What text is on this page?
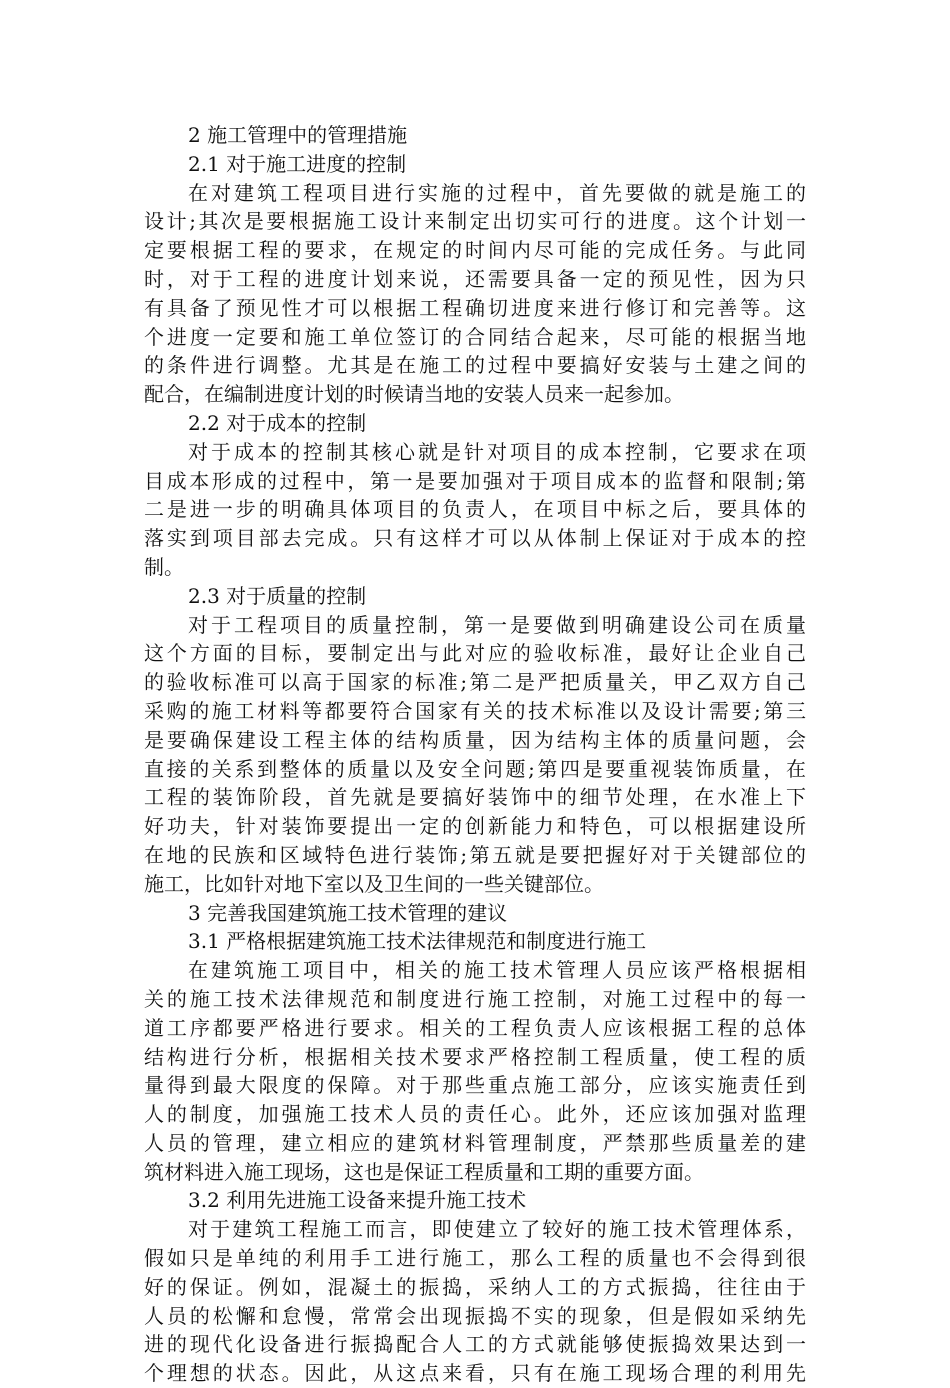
2 施工管理中的管理措施
2.1 对于施工进度的控制
在对建筑工程项目进行实施的过程中，首先要做的就是施工的
设计;其次是要根据施工设计来制定出切实可行的进度。这个计划一
定要根据工程的要求，在规定的时间内尽可能的完成任务。与此同
时，对于工程的进度计划来说，还需要具备一定的预见性，因为只
有具备了预见性才可以根据工程确切进度来进行修订和完善等。这
个进度一定要和施工单位签订的合同结合起来，尽可能的根据当地
的条件进行调整。尤其是在施工的过程中要搞好安装与土建之间的
配合，在编制进度计划的时候请当地的安装人员来一起参加。
2.2 对于成本的控制
对于成本的控制其核心就是针对项目的成本控制，它要求在项
目成本形成的过程中，第一是要加强对于项目成本的监督和限制;第
二是进一步的明确具体项目的负责人，在项目中标之后，要具体的
落实到项目部去完成。只有这样才可以从体制上保证对于成本的控
制。
2.3 对于质量的控制
对于工程项目的质量控制，第一是要做到明确建设公司在质量
这个方面的目标，要制定出与此对应的验收标准，最好让企业自己
的验收标准可以高于国家的标准;第二是严把质量关，甲乙双方自己
采购的施工材料等都要符合国家有关的技术标准以及设计需要;第三
是要确保建设工程主体的结构质量，因为结构主体的质量问题，会
直接的关系到整体的质量以及安全问题;第四是要重视装饰质量，在
工程的装饰阶段，首先就是要搞好装饰中的细节处理，在水准上下
好功夫，针对装饰要提出一定的创新能力和特色，可以根据建设所
在地的民族和区域特色进行装饰;第五就是要把握好对于关键部位的
施工，比如针对地下室以及卫生间的一些关键部位。
3 完善我国建筑施工技术管理的建议
3.1 严格根据建筑施工技术法律规范和制度进行施工
在建筑施工项目中，相关的施工技术管理人员应该严格根据相
关的施工技术法律规范和制度进行施工控制，对施工过程中的每一
道工序都要严格进行要求。相关的工程负责人应该根据工程的总体
结构进行分析，根据相关技术要求严格控制工程质量，使工程的质
量得到最大限度的保障。对于那些重点施工部分，应该实施责任到
人的制度，加强施工技术人员的责任心。此外，还应该加强对监理
人员的管理，建立相应的建筑材料管理制度，严禁那些质量差的建
筑材料进入施工现场，这也是保证工程质量和工期的重要方面。
3.2 利用先进施工设备来提升施工技术
对于建筑工程施工而言，即使建立了较好的施工技术管理体系，
假如只是单纯的利用手工进行施工，那么工程的质量也不会得到很
好的保证。例如，混凝土的振捣，采纳人工的方式振捣，往往由于
人员的松懈和怠慢，常常会出现振捣不实的现象，但是假如采纳先
进的现代化设备进行振捣配合人工的方式就能够使振捣效果达到一
个理想的状态。因此，从这点来看，只有在施工现场合理的利用先
